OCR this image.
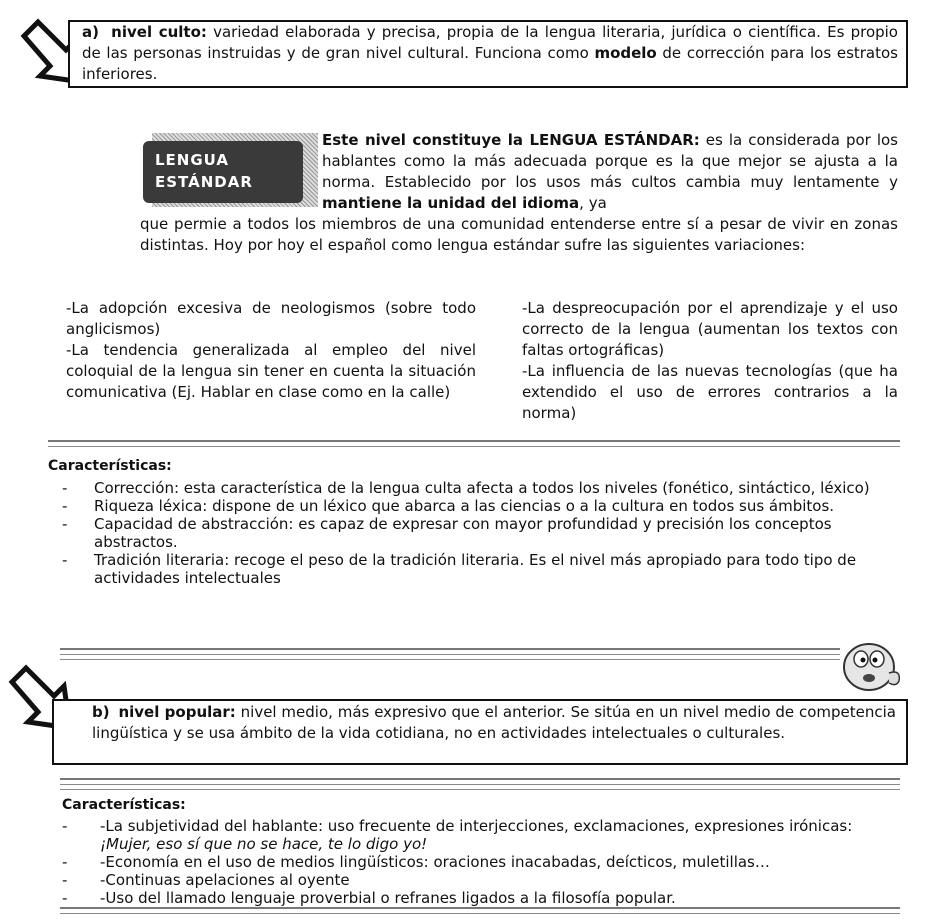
a) nivel culto: variedad elaborada y precisa, propia de la lengua literaria, jurídica o científica. Es propio de las personas instruidas y de gran nivel cultural. Funciona como modelo de corrección para los estratos inferiores.

LENGUA
ESTÁNDAR

Este nivel constituye la LENGUA ESTÁNDAR: es la considerada por los hablantes como la más adecuada porque es la que mejor se ajusta a la norma. Establecido por los usos más cultos cambia muy lentamente y mantiene la unidad del idioma, ya

que permie a todos los miembros de una comunidad entenderse entre sí a pesar de vivir en zonas distintas. Hoy por hoy el español como lengua estándar sufre las siguientes variaciones:

-La adopción excesiva de neologismos (sobre todo anglicismos)

-La tendencia generalizada al empleo del nivel coloquial de la lengua sin tener en cuenta la situación comunicativa (Ej. Hablar en clase como en la calle)

-La despreocupación por el aprendizaje y el uso correcto de la lengua (aumentan los textos con faltas ortográficas)

-La influencia de las nuevas tecnologías (que ha extendido el uso de errores contrarios a la norma)

Características:
- Corrección: esta característica de la lengua culta afecta a todos los niveles (fonético, sintáctico, léxico)
- Riqueza léxica: dispone de un léxico que abarca a las ciencias o a la cultura en todos sus ámbitos.
- Capacidad de abstracción: es capaz de expresar con mayor profundidad y precisión los conceptos abstractos.
- Tradición literaria: recoge el peso de la tradición literaria. Es el nivel más apropiado para todo tipo de actividades intelectuales

b) nivel popular: nivel medio, más expresivo que el anterior. Se sitúa en un nivel medio de competencia lingüística y se usa ámbito de la vida cotidiana, no en actividades intelectuales o culturales.

Características:
- -La subjetividad del hablante: uso frecuente de interjecciones, exclamaciones, expresiones irónicas: ¡Mujer, eso sí que no se hace, te lo digo yo!
- -Economía en el uso de medios lingüísticos: oraciones inacabadas, deícticos, muletillas…
- -Continuas apelaciones al oyente
- -Uso del llamado lenguaje proverbial o refranes ligados a la filosofía popular.
